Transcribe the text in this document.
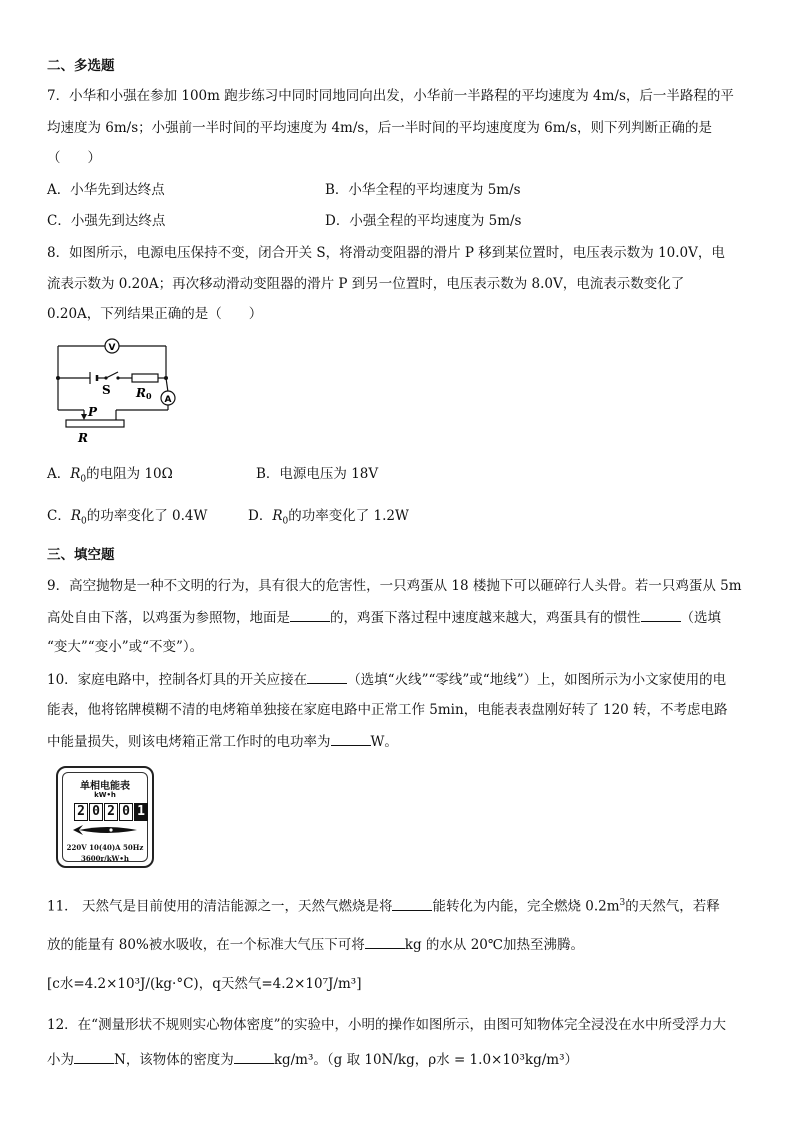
二、多选题
7．小华和小强在参加 100m 跑步练习中同时同地同向出发，小华前一半路程的平均速度为 4m/s，后一半路程的平
均速度为 6m/s；小强前一半时间的平均速度为 4m/s，后一半时间的平均速度度为 6m/s，则下列判断正确的是
（　　）
A．小华先到达终点	B．小华全程的平均速度为 5m/s
C．小强先到达终点	D．小强全程的平均速度为 5m/s
8．如图所示，电源电压保持不变，闭合开关 S，将滑动变阻器的滑片 P 移到某位置时，电压表示数为 10.0V，电
流表示数为 0.20A；再次移动滑动变阻器的滑片 P 到另一位置时，电压表示数为 8.0V，电流表示数变化了
0.20A，下列结果正确的是（　　）
S R0
V
A
P
R
A．$R_0$的电阻为 10Ω	B．电源电压为 18V
C．$R_0$的功率变化了 0.4W	D．$R_0$的功率变化了 1.2W
三、填空题
9．高空抛物是一种不文明的行为，具有很大的危害性，一只鸡蛋从 18 楼抛下可以砸碎行人头骨。若一只鸡蛋从 5m
高处自由下落，以鸡蛋为参照物，地面是	的，鸡蛋下落过程中速度越来越大，鸡蛋具有的惯性	（选填
“变大”“变小”或“不变”）。
10．家庭电路中，控制各灯具的开关应接在	（选填“火线”“零线”或“地线”）上，如图所示为小文家使用的电
能表，他将铭牌模糊不清的电烤箱单独接在家庭电路中正常工作 5min，电能表表盘刚好转了 120 转，不考虑电路
中能量损失，则该电烤箱正常工作时的电功率为	W。
单相电能表
kW•h
2 0 2 0 1
220V 10(40)A 50Hz
3600r/kW•h
11． 天然气是目前使用的清洁能源之一，天然气燃烧是将	能转化为内能，完全燃烧 $0.2m^3$的天然气，若释
放的能量有 80%被水吸收，在一个标准大气压下可将	kg 的水从 20℃加热至沸腾。
[c水=4.2×10³J/(kg·°C)，q天然气=4.2×10⁷J/m³]
12．在“测量形状不规则实心物体密度”的实验中，小明的操作如图所示，由图可知物体完全浸没在水中所受浮力大
小为	N，该物体的密度为	kg/m³。（g 取 10N/kg，ρ水 = 1.0×10³kg/m³）
